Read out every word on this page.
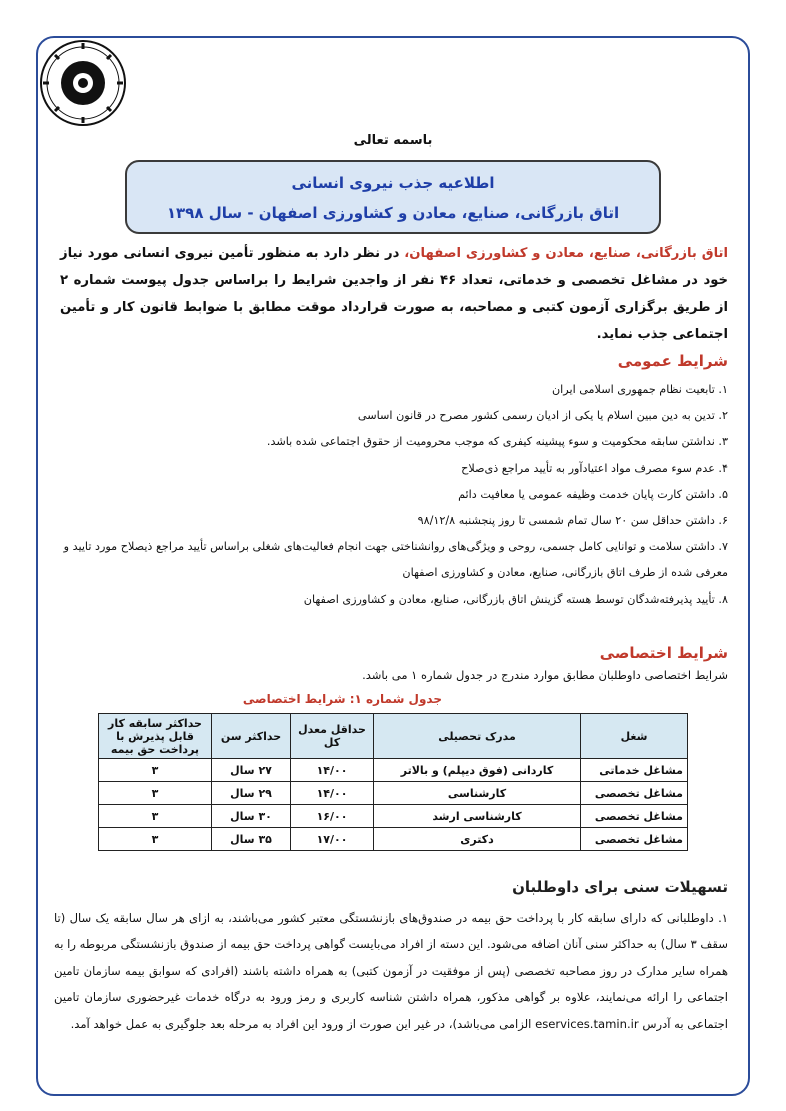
باسمه تعالی
اطلاعیه جذب نیروی انسانی
اتاق بازرگانی، صنایع، معادن و کشاورزی اصفهان - سال ۱۳۹۸
اتاق بازرگانی، صنایع، معادن و کشاورزی اصفهان، در نظر دارد به منظور تأمین نیروی انسانی مورد نیاز خود در مشاغل تخصصی و خدماتی، تعداد ۴۶ نفر از واجدین شرایط را براساس جدول پیوست شماره ۲ از طریق برگزاری آزمون کتبی و مصاحبه، به صورت قرارداد موقت مطابق با ضوابط قانون کار و تأمین اجتماعی جذب نماید.
شرایط عمومی
۱. تابعیت نظام جمهوری اسلامی ایران
۲. تدین به دین مبین اسلام یا یکی از ادیان رسمی کشور مصرح در قانون اساسی
۳. نداشتن سابقه محکومیت و سوء پیشینه کیفری که موجب محرومیت از حقوق اجتماعی شده باشد.
۴. عدم سوء مصرف مواد اعتیادآور به تأیید مراجع ذی‌صلاح
۵. داشتن کارت پایان خدمت وظیفه عمومی یا معافیت دائم
۶. داشتن حداقل سن ۲۰ سال تمام شمسی تا روز پنجشنبه ۹۸/۱۲/۸
۷. داشتن سلامت و توانایی کامل جسمی، روحی و ویژگی‌های روانشناختی جهت انجام فعالیت‌های شغلی براساس تأیید مراجع ذیصلاح مورد تایید و معرفی شده از طرف اتاق بازرگانی، صنایع، معادن و کشاورزی اصفهان
۸. تأیید پذیرفته‌شدگان توسط هسته گزینش اتاق بازرگانی، صنایع، معادن و کشاورزی اصفهان
شرایط اختصاصی
شرایط اختصاصی داوطلبان مطابق موارد مندرج در جدول شماره ۱ می باشد.
جدول شماره ۱: شرایط اختصاصی
شغل	مدرک تحصیلی	حداقل معدل کل	حداکثر سن	حداکثر سابقه کار قابل پذیرش با پرداخت حق بیمه
مشاغل خدماتی	کاردانی (فوق دیپلم) و بالاتر	۱۴/۰۰	۲۷ سال	۳
مشاغل تخصصی	کارشناسی	۱۴/۰۰	۲۹ سال	۳
مشاغل تخصصی	کارشناسی ارشد	۱۶/۰۰	۳۰ سال	۳
مشاغل تخصصی	دکتری	۱۷/۰۰	۳۵ سال	۳
تسهیلات سنی برای داوطلبان
۱. داوطلبانی که دارای سابقه کار با پرداخت حق بیمه در صندوق‌های بازنشستگی معتبر کشور می‌باشند، به ازای هر سال سابقه یک سال (تا سقف ۳ سال) به حداکثر سنی آنان اضافه می‌شود. این دسته از افراد می‌بایست گواهی پرداخت حق بیمه از صندوق بازنشستگی مربوطه را به همراه سایر مدارک در روز مصاحبه تخصصی (پس از موفقیت در آزمون کتبی) به همراه داشته باشند (افرادی که سوابق بیمه سازمان تامین اجتماعی را ارائه می‌نمایند، علاوه بر گواهی مذکور، همراه داشتن شناسه کاربری و رمز ورود به درگاه خدمات غیرحضوری سازمان تامین اجتماعی به آدرس eservices.tamin.ir الزامی می‌باشد)، در غیر این صورت از ورود این افراد به مرحله بعد جلوگیری به عمل خواهد آمد.
